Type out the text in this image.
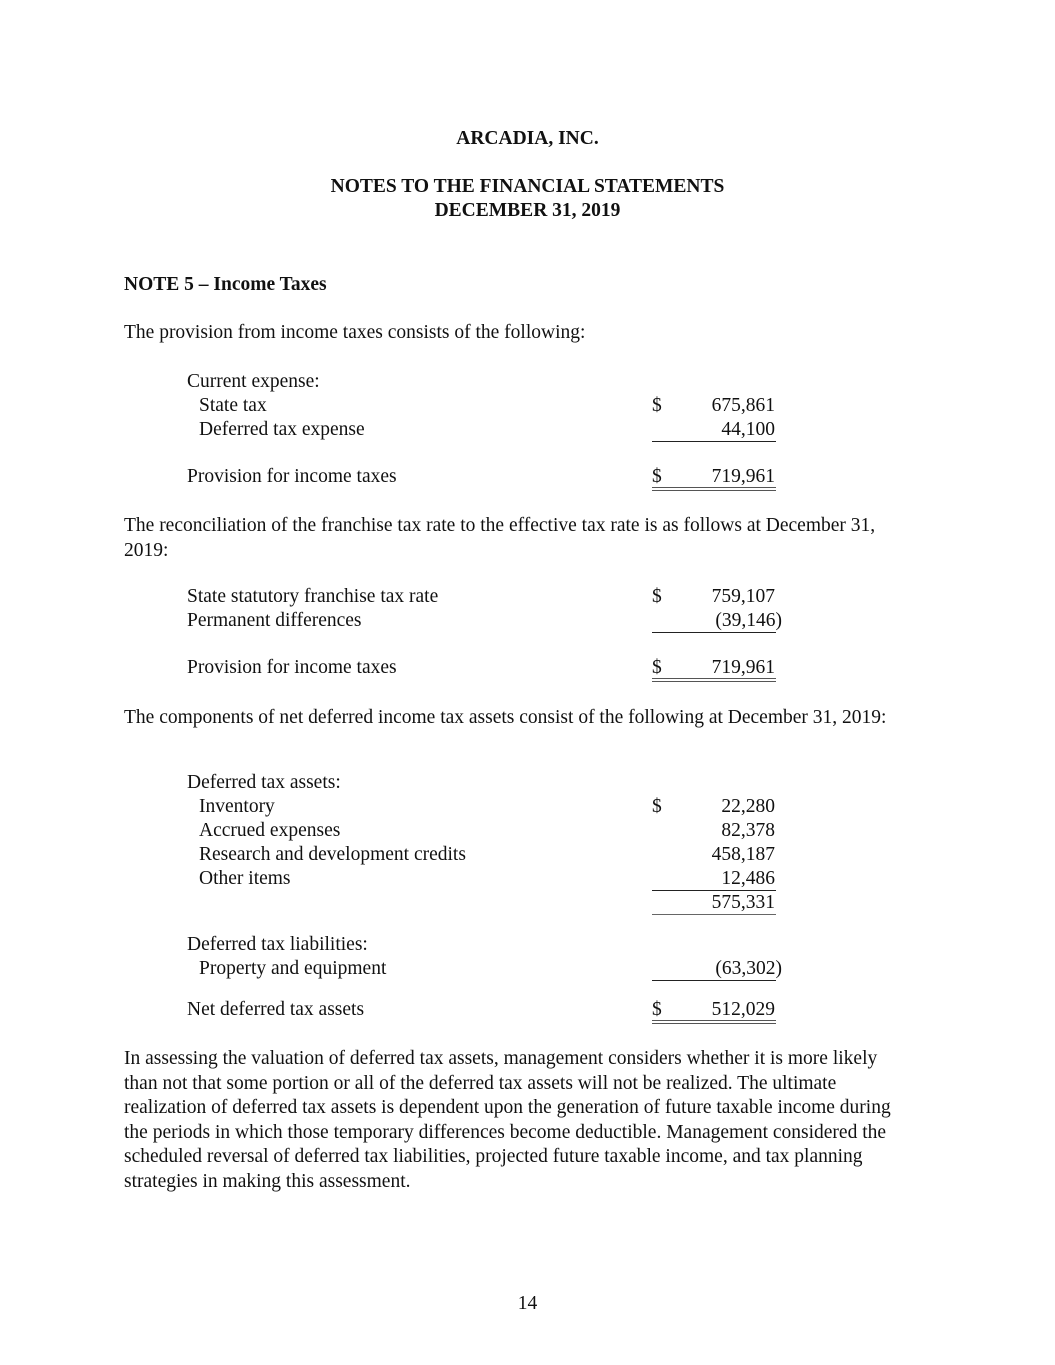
ARCADIA, INC.
NOTES TO THE FINANCIAL STATEMENTS
DECEMBER 31, 2019
NOTE 5 – Income Taxes
The provision from income taxes consists of the following:
Current expense:
State tax	$	675,861
Deferred tax expense	44,100
Provision for income taxes	$	719,961
The reconciliation of the franchise tax rate to the effective tax rate is as follows at December 31, 2019:
State statutory franchise tax rate	$	759,107
Permanent differences	(39,146)
Provision for income taxes	$	719,961
The components of net deferred income tax assets consist of the following at December 31, 2019:
Deferred tax assets:
Inventory	$	22,280
Accrued expenses	82,378
Research and development credits	458,187
Other items	12,486
575,331
Deferred tax liabilities:
Property and equipment	(63,302)
Net deferred tax assets	$	512,029
In assessing the valuation of deferred tax assets, management considers whether it is more likely than not that some portion or all of the deferred tax assets will not be realized. The ultimate realization of deferred tax assets is dependent upon the generation of future taxable income during the periods in which those temporary differences become deductible. Management considered the scheduled reversal of deferred tax liabilities, projected future taxable income, and tax planning strategies in making this assessment.
14
